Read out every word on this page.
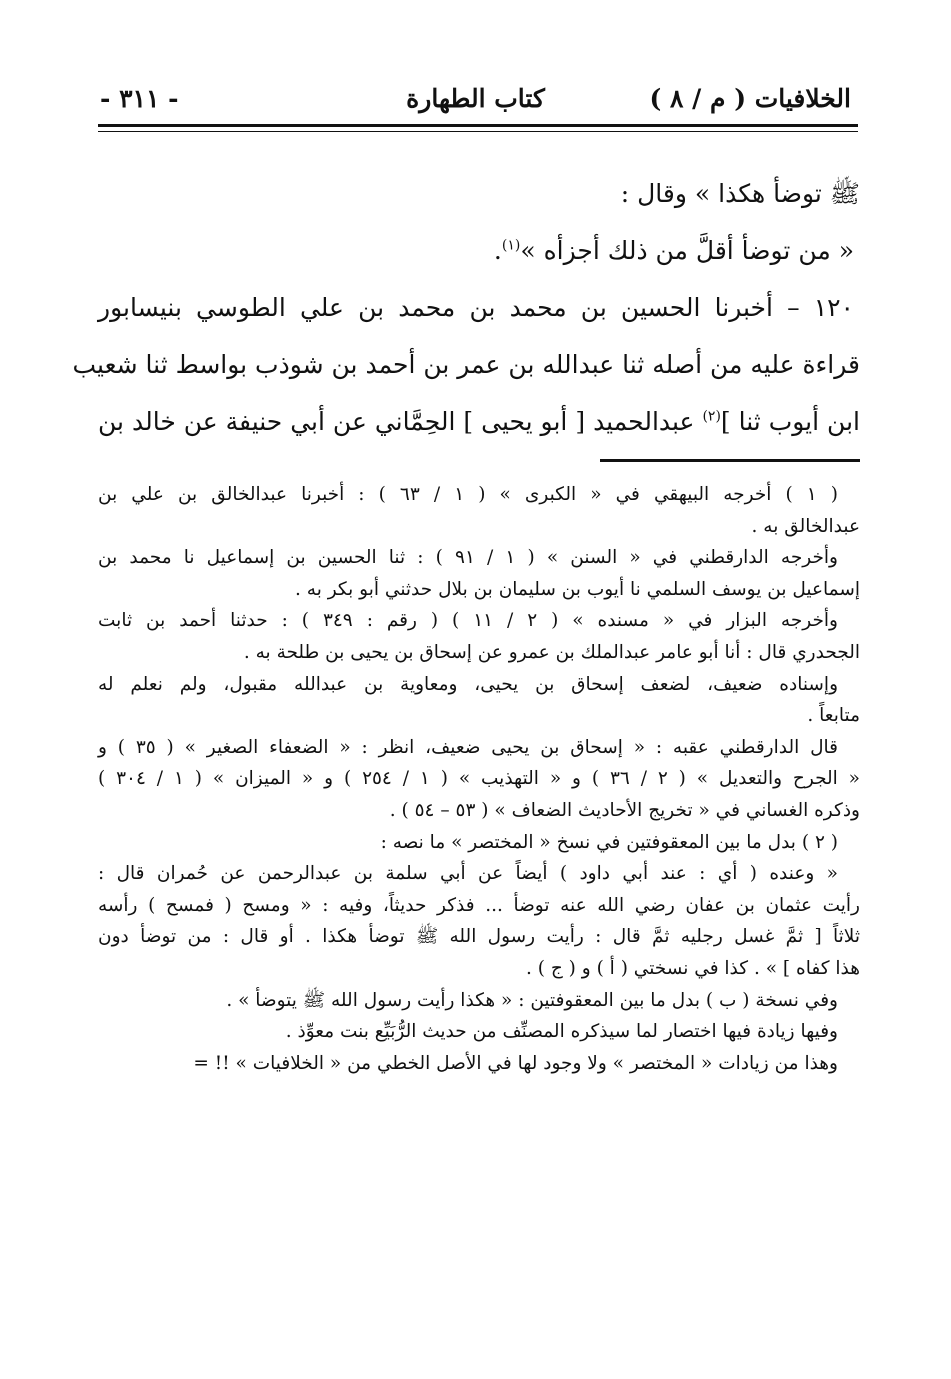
الخلافيات ( م / ٨ )
كتاب الطهارة
- ٣١١ -

ﷺ توضأ هكذا » وقال :

« من توضأ أقلَّ من ذلك أجزأه »$^{(١)}$.

١٢٠ – أخبرنا الحسين بن محمد بن محمد بن علي الطوسي بنيسابور

قراءة عليه من أصله ثنا عبدالله بن عمر بن أحمد بن شوذب بواسط ثنا شعيب

ابن أيوب ثنا ]$^{(٢)}$ عبدالحميد [ أبو يحيى ] الحِمَّاني عن أبي حنيفة عن خالد بن

( ١ ) أخرجه البيهقي في « الكبرى » ( ١ / ٦٣ ) : أخبرنا عبدالخالق بن علي بن

عبدالخالق به .

وأخرجه الدارقطني في « السنن » ( ١ / ٩١ ) : ثنا الحسين بن إسماعيل نا محمد بن

إسماعيل بن يوسف السلمي نا أيوب بن سليمان بن بلال حدثني أبو بكر به .

وأخرجه البزار في « مسنده » ( ٢ / ١١ ) ( رقم : ٣٤٩ ) : حدثنا أحمد بن ثابت

الجحدري قال : أنا أبو عامر عبدالملك بن عمرو عن إسحاق بن يحيى بن طلحة به .

وإسناده ضعيف، لضعف إسحاق بن يحيى، ومعاوية بن عبدالله مقبول، ولم نعلم له

متابعاً .

قال الدارقطني عقبه : « إسحاق بن يحيى ضعيف، انظر : « الضعفاء الصغير » ( ٣٥ ) و

« الجرح والتعديل » ( ٢ / ٣٦ ) و « التهذيب » ( ١ / ٢٥٤ ) و « الميزان » ( ١ / ٣٠٤ )

وذكره الغساني في « تخريج الأحاديث الضعاف » ( ٥٣ – ٥٤ ) .

( ٢ ) بدل ما بين المعقوفتين في نسخ « المختصر » ما نصه :

« وعنده ( أي : عند أبي داود ) أيضاً عن أبي سلمة بن عبدالرحمن عن حُمران قال :

رأيت عثمان بن عفان رضي الله عنه توضأ ... فذكر حديثاً، وفيه : « ومسح ( فمسح ) رأسه

ثلاثاً [ ثمَّ غسل رجليه ثمَّ قال : رأيت رسول الله ﷺ توضأ هكذا . أو قال : من توضأ دون

هذا كفاه ] » . كذا في نسختي ( أ ) و ( ج ) .

وفي نسخة ( ب ) بدل ما بين المعقوفتين : « هكذا رأيت رسول الله ﷺ يتوضأ » .

وفيها زيادة فيها اختصار لما سيذكره المصنِّف من حديث الرُّبَيِّع بنت معوِّذ .

وهذا من زيادات « المختصر » ولا وجود لها في الأصل الخطي من « الخلافيات » !! =
